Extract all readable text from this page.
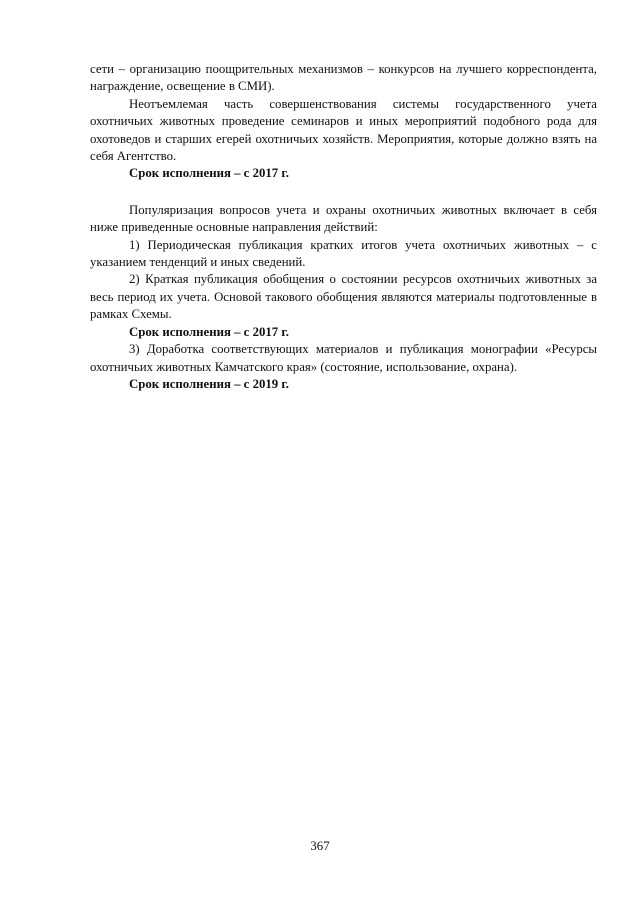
сети – организацию поощрительных механизмов – конкурсов на лучшего корреспондента, награждение, освещение в СМИ).

Неотъемлемая часть совершенствования системы государственного учета охотничьих животных проведение семинаров и иных мероприятий подобного рода для охотоведов и старших егерей охотничьих хозяйств. Мероприятия, которые должно взять на себя Агентство.

Срок исполнения – с 2017 г.

Популяризация вопросов учета и охраны охотничьих животных включает в себя ниже приведенные основные направления действий:

1) Периодическая публикация кратких итогов учета охотничьих животных – с указанием тенденций и иных сведений.

2) Краткая публикация обобщения о состоянии ресурсов охотничьих животных за весь период их учета. Основой такового обобщения являются материалы подготовленные в рамках Схемы.

Срок исполнения – с 2017 г.

3) Доработка соответствующих материалов и публикация монографии «Ресурсы охотничьих животных Камчатского края» (состояние, использование, охрана).

Срок исполнения – с 2019 г.

367
